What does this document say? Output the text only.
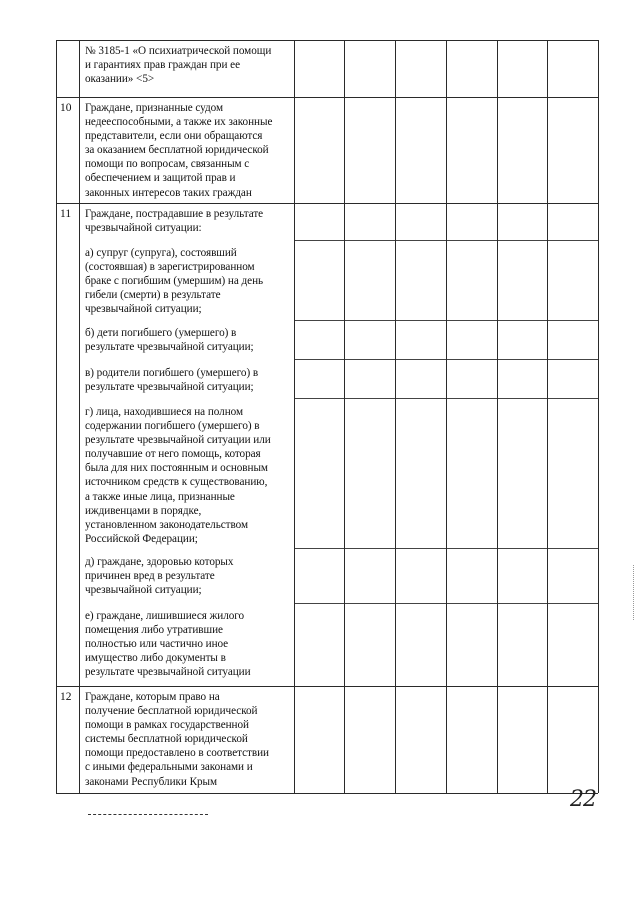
№ 3185-1 «О психиатрической помощи
и гарантиях прав граждан при ее
оказании» <5>
10 Граждане, признанные судом
недееспособными, а также их законные
представители, если они обращаются
за оказанием бесплатной юридической
помощи по вопросам, связанным с
обеспечением и защитой прав и
законных интересов таких граждан
11 Граждане, пострадавшие в результате
чрезвычайной ситуации:
а) супруг (супруга), состоявший
(состоявшая) в зарегистрированном
браке с погибшим (умершим) на день
гибели (смерти) в результате
чрезвычайной ситуации;
б) дети погибшего (умершего) в
результате чрезвычайной ситуации;
в) родители погибшего (умершего) в
результате чрезвычайной ситуации;
г) лица, находившиеся на полном
содержании погибшего (умершего) в
результате чрезвычайной ситуации или
получавшие от него помощь, которая
была для них постоянным и основным
источником средств к существованию,
а также иные лица, признанные
иждивенцами в порядке,
установленном законодательством
Российской Федерации;
д) граждане, здоровью которых
причинен вред в результате
чрезвычайной ситуации;
е) граждане, лишившиеся жилого
помещения либо утратившие
полностью или частично иное
имущество либо документы в
результате чрезвычайной ситуации
12 Граждане, которым право на
получение бесплатной юридической
помощи в рамках государственной
системы бесплатной юридической
помощи предоставлено в соответствии
с иными федеральными законами и
законами Республики Крым
22
